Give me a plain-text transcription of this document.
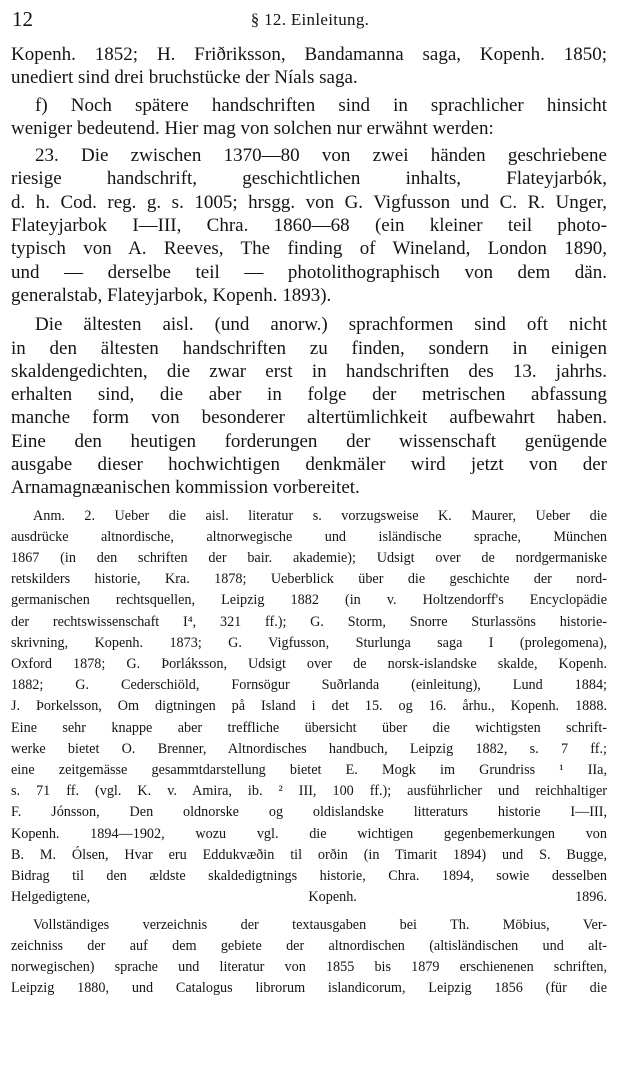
12	§ 12. Einleitung.
Kopenh. 1852; H. Friðriksson, Bandamanna saga, Kopenh. 1850;
unediert sind drei bruchstücke der Níals saga.
f) Noch spätere handschriften sind in sprachlicher hinsicht
weniger bedeutend. Hier mag von solchen nur erwähnt werden:
23. Die zwischen 1370—80 von zwei händen geschriebene
riesige handschrift, geschichtlichen inhalts, Flateyjarbók,
d. h. Cod. reg. g. s. 1005; hrsgg. von G. Vigfusson und C. R. Unger,
Flateyjarbok I—III, Chra. 1860—68 (ein kleiner teil photo-
typisch von A. Reeves, The finding of Wineland, London 1890,
und — derselbe teil — photolithographisch von dem dän.
generalstab, Flateyjarbok, Kopenh. 1893).
Die ältesten aisl. (und anorw.) sprachformen sind oft nicht
in den ältesten handschriften zu finden, sondern in einigen
skaldengedichten, die zwar erst in handschriften des 13. jahrhs.
erhalten sind, die aber in folge der metrischen abfassung
manche form von besonderer altertümlichkeit aufbewahrt haben.
Eine den heutigen forderungen der wissenschaft genügende
ausgabe dieser hochwichtigen denkmäler wird jetzt von der
Arnamagnæanischen kommission vorbereitet.
Anm. 2. Ueber die aisl. literatur s. vorzugsweise K. Maurer, Ueber die
ausdrücke altnordische, altnorwegische und isländische sprache, München
1867 (in den schriften der bair. akademie); Udsigt over de nordgermaniske
retskilders historie, Kra. 1878; Ueberblick über die geschichte der nord-
germanischen rechtsquellen, Leipzig 1882 (in v. Holtzendorff's Encyclopädie
der rechtswissenschaft I⁴, 321 ff.); G. Storm, Snorre Sturlassöns historie-
skrivning, Kopenh. 1873; G. Vigfusson, Sturlunga saga I (prolegomena),
Oxford 1878; G. Þorláksson, Udsigt over de norsk-islandske skalde, Kopenh.
1882; G. Cederschiöld, Fornsögur Suðrlanda (einleitung), Lund 1884;
J. Þorkelsson, Om digtningen på Island i det 15. og 16. århu., Kopenh. 1888.
Eine sehr knappe aber treffliche übersicht über die wichtigsten schrift-
werke bietet O. Brenner, Altnordisches handbuch, Leipzig 1882, s. 7 ff.;
eine zeitgemässe gesammtdarstellung bietet E. Mogk im Grundriss ¹ IIa,
s. 71 ff. (vgl. K. v. Amira, ib. ² III, 100 ff.); ausführlicher und reichhaltiger
F. Jónsson, Den oldnorske og oldislandske litteraturs historie I—III,
Kopenh. 1894—1902, wozu vgl. die wichtigen gegenbemerkungen von
B. M. Ólsen, Hvar eru Eddukvæðin til orðin (in Timarit 1894) und S. Bugge,
Bidrag til den ældste skaldedigtnings historie, Chra. 1894, sowie desselben
Helgedigtene, Kopenh. 1896.
Vollständiges verzeichnis der textausgaben bei Th. Möbius, Ver-
zeichniss der auf dem gebiete der altnordischen (altisländischen und alt-
norwegischen) sprache und literatur von 1855 bis 1879 erschienenen schriften,
Leipzig 1880, und Catalogus librorum islandicorum, Leipzig 1856 (für die
